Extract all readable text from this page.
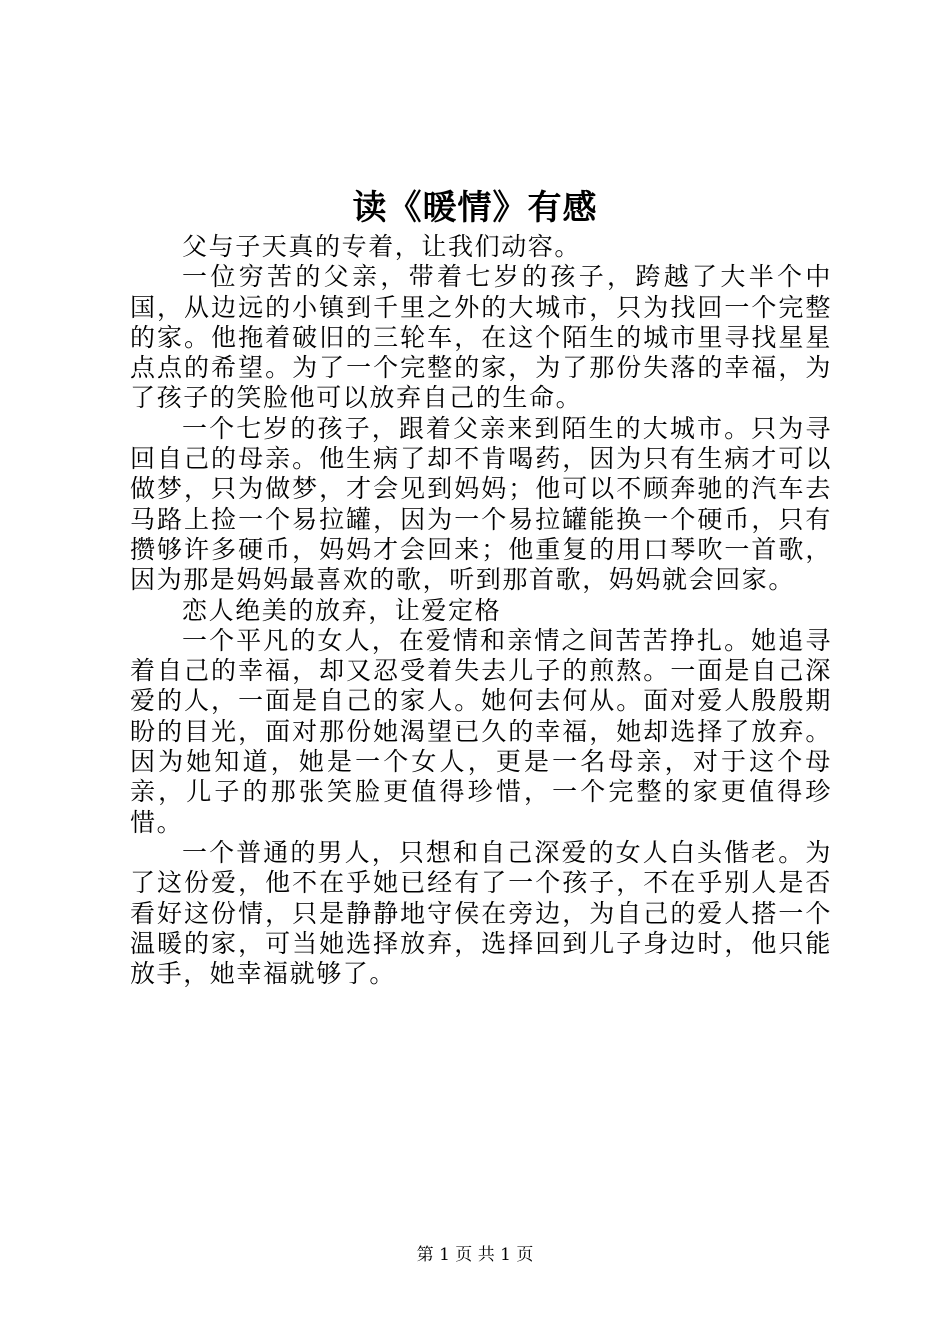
读《暖情》有感

父与子天真的专着，让我们动容。

一位穷苦的父亲，带着七岁的孩子，跨越了大半个中国，从边远的小镇到千里之外的大城市，只为找回一个完整的家。他拖着破旧的三轮车，在这个陌生的城市里寻找星星点点的希望。为了一个完整的家，为了那份失落的幸福，为了孩子的笑脸他可以放弃自己的生命。

一个七岁的孩子，跟着父亲来到陌生的大城市。只为寻回自己的母亲。他生病了却不肯喝药，因为只有生病才可以做梦，只为做梦，才会见到妈妈；他可以不顾奔驰的汽车去马路上捡一个易拉罐，因为一个易拉罐能换一个硬币，只有攒够许多硬币，妈妈才会回来；他重复的用口琴吹一首歌，因为那是妈妈最喜欢的歌，听到那首歌，妈妈就会回家。

恋人绝美的放弃，让爱定格

一个平凡的女人，在爱情和亲情之间苦苦挣扎。她追寻着自己的幸福，却又忍受着失去儿子的煎熬。一面是自己深爱的人，一面是自己的家人。她何去何从。面对爱人殷殷期盼的目光，面对那份她渴望已久的幸福，她却选择了放弃。因为她知道，她是一个女人，更是一名母亲，对于这个母亲，儿子的那张笑脸更值得珍惜，一个完整的家更值得珍惜。

一个普通的男人，只想和自己深爱的女人白头偕老。为了这份爱，他不在乎她已经有了一个孩子，不在乎别人是否看好这份情，只是静静地守侯在旁边，为自己的爱人搭一个温暖的家，可当她选择放弃，选择回到儿子身边时，他只能放手，她幸福就够了。

第 1 页 共 1 页
